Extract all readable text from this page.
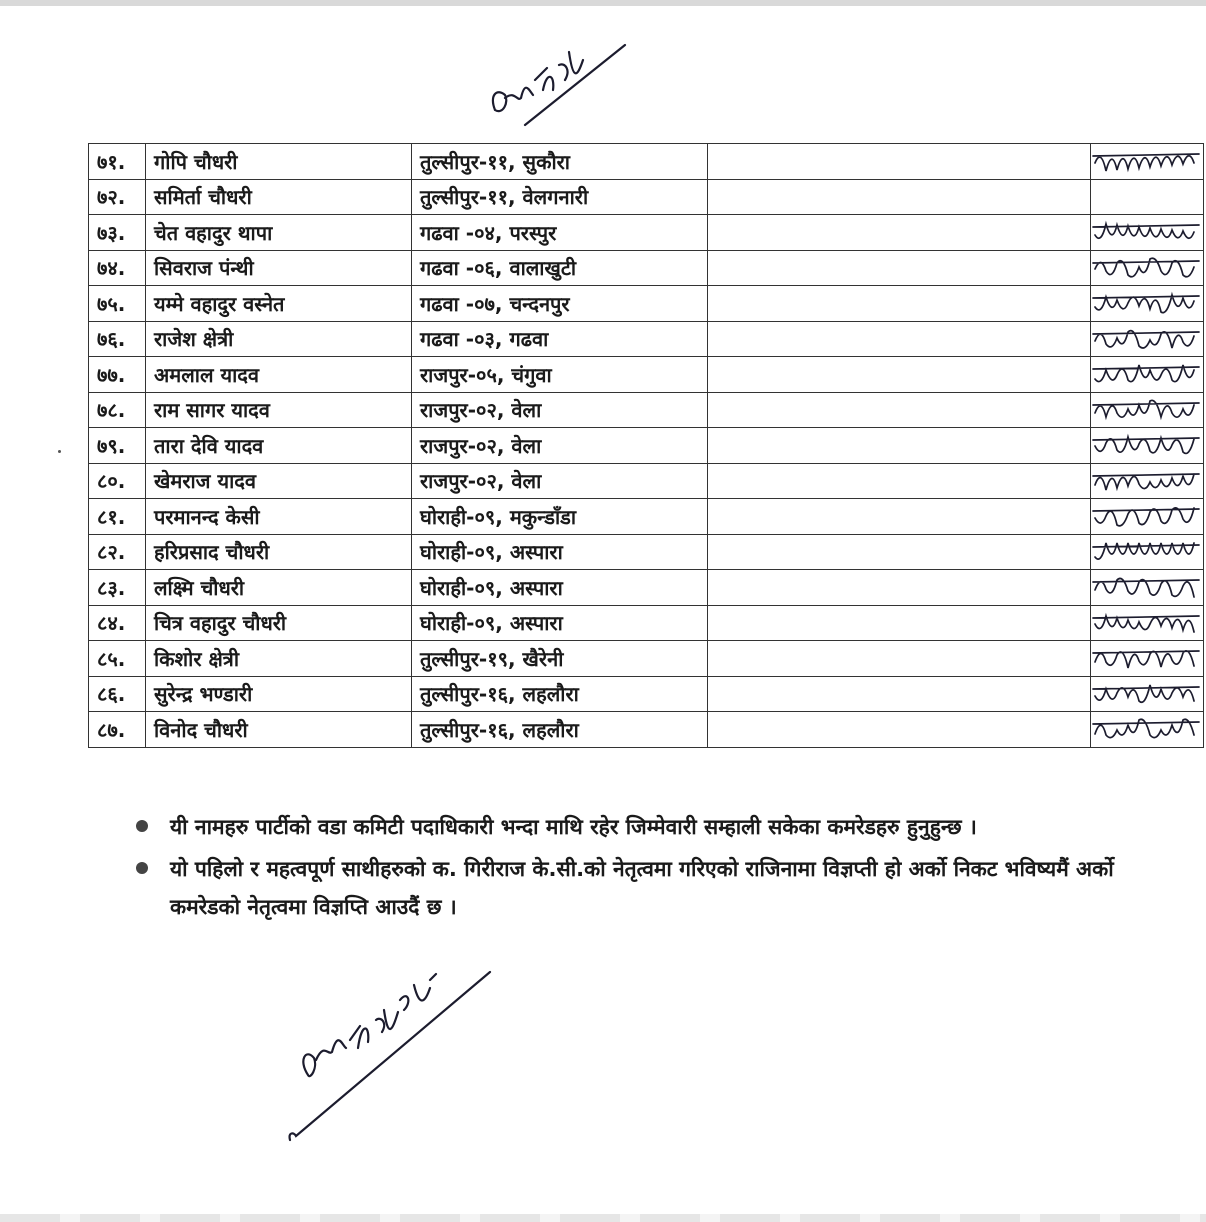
७१.	गोपि चौधरी	तुल्सीपुर-११, सुकौरा		

७२.	समिर्ता चौधरी	तुल्सीपुर-११, वेलगनारी		
७३.	चेत वहादुर थापा	गढवा -०४, परस्पुर		

७४.	सिवराज पंन्थी	गढवा -०६, वालाखुटी		

७५.	यम्मे वहादुर वस्नेत	गढवा -०७, चन्दनपुर		

७६.	राजेश क्षेत्री	गढवा -०३, गढवा		

७७.	अमलाल यादव	राजपुर-०५, चंगुवा		

७८.	राम सागर यादव	राजपुर-०२, वेला		

७९.	तारा देवि यादव	राजपुर-०२, वेला		

८०.	खेमराज यादव	राजपुर-०२, वेला		

८१.	परमानन्द केसी	घोराही-०९, मकुन्डाँडा		

८२.	हरिप्रसाद चौधरी	घोराही-०९, अस्पारा		

८३.	लक्ष्मि चौधरी	घोराही-०९, अस्पारा		

८४.	चित्र वहादुर चौधरी	घोराही-०९, अस्पारा		

८५.	किशोर क्षेत्री	तुल्सीपुर-१९, खैरेनी		

८६.	सुरेन्द्र भण्डारी	तुल्सीपुर-१६, लहलौरा		

८७.	विनोद चौधरी	तुल्सीपुर-१६, लहलौरा		
यी नामहरु पार्टीको वडा कमिटी पदाधिकारी भन्दा माथि रहेर जिम्मेवारी सम्हाली सकेका कमरेडहरु हुनुहुन्छ ।
यो पहिलो र महत्वपूर्ण साथीहरुको क. गिरीराज के.सी.को नेतृत्वमा गरिएको राजिनामा विज्ञप्ती हो अर्को निकट भविष्यमैं अर्को कमरेडको नेतृत्वमा विज्ञप्ति आउदैं छ ।
